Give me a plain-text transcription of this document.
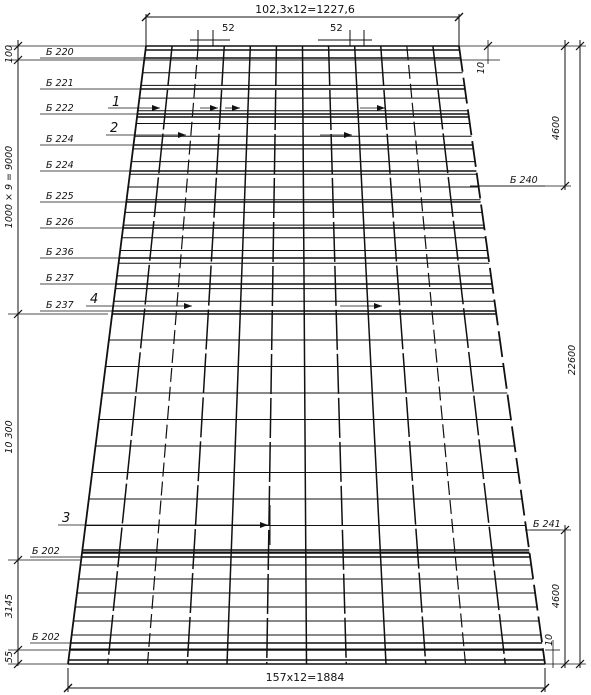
102,3x12=1227,6
52	52
157x12=1884
100
1000 × 9 = 9000
10 300
3145
55
22600
4600
4600
10
10
Б 220
Б 221
Б 222
Б 224
Б 224
Б 225
Б 226
Б 236
Б 237
Б 237
Б 202
Б 202
Б 240
Б 241
1
2
3
4
